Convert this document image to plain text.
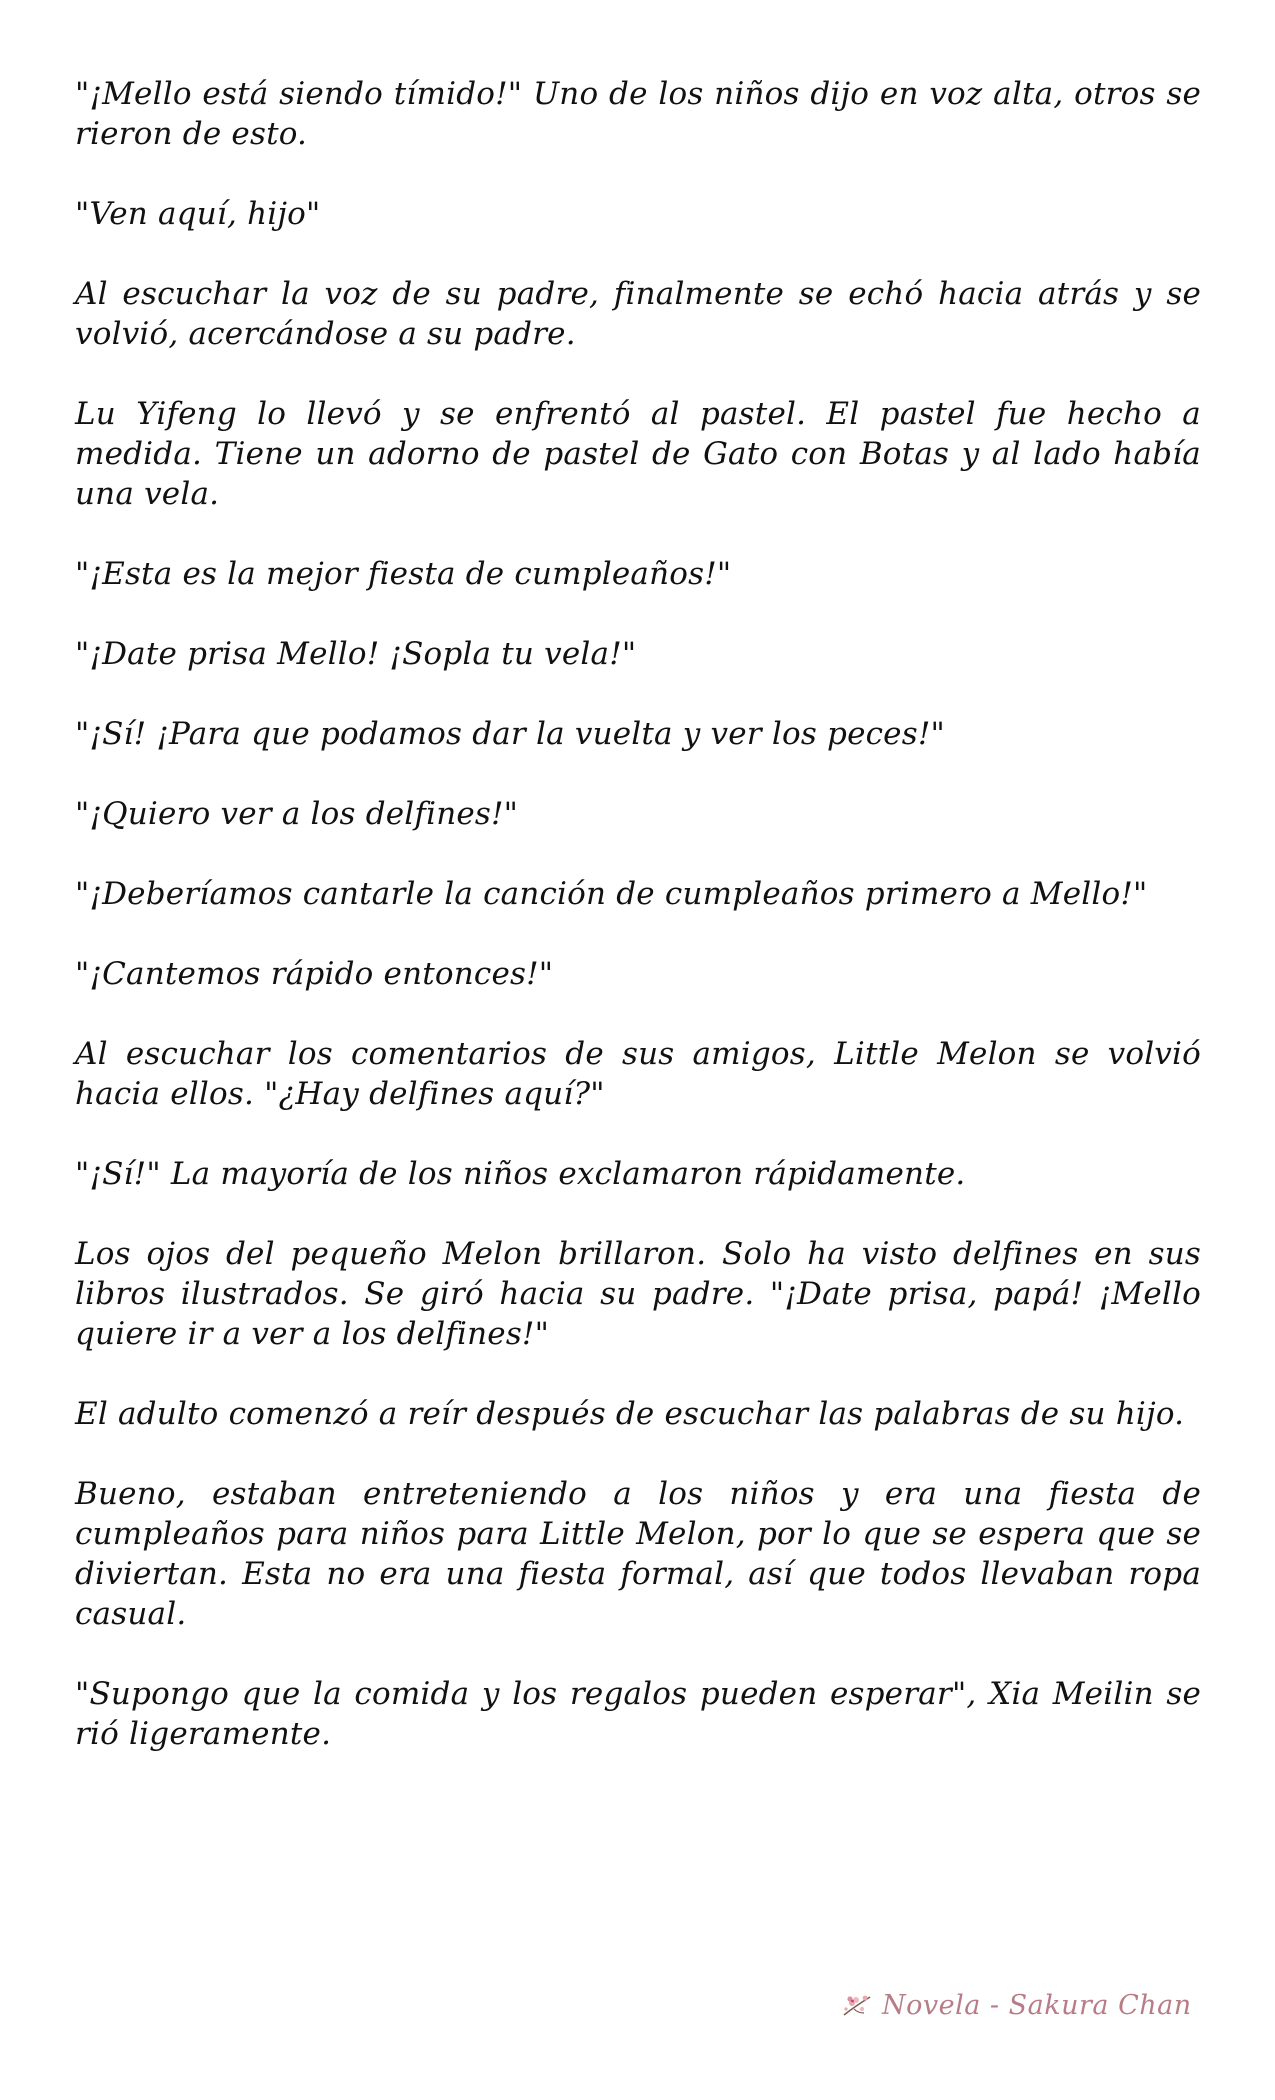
"¡Mello está siendo tímido!" Uno de los niños dijo en voz alta, otros se rieron de esto.

"Ven aquí, hijo"

Al escuchar la voz de su padre, finalmente se echó hacia atrás y se volvió, acercándose a su padre.

Lu Yifeng lo llevó y se enfrentó al pastel. El pastel fue hecho a medida. Tiene un adorno de pastel de Gato con Botas y al lado había una vela.

"¡Esta es la mejor fiesta de cumpleaños!"

"¡Date prisa Mello! ¡Sopla tu vela!"

"¡Sí! ¡Para que podamos dar la vuelta y ver los peces!"

"¡Quiero ver a los delfines!"

"¡Deberíamos cantarle la canción de cumpleaños primero a Mello!"

"¡Cantemos rápido entonces!"

Al escuchar los comentarios de sus amigos, Little Melon se volvió hacia ellos. "¿Hay delfines aquí?"

"¡Sí!" La mayoría de los niños exclamaron rápidamente.

Los ojos del pequeño Melon brillaron. Solo ha visto delfines en sus libros ilustrados. Se giró hacia su padre. "¡Date prisa, papá! ¡Mello quiere ir a ver a los delfines!"

El adulto comenzó a reír después de escuchar las palabras de su hijo.

Bueno, estaban entreteniendo a los niños y era una fiesta de cumpleaños para niños para Little Melon, por lo que se espera que se diviertan. Esta no era una fiesta formal, así que todos llevaban ropa casual.

"Supongo que la comida y los regalos pueden esperar", Xia Meilin se rió ligeramente.

Novela - Sakura Chan
